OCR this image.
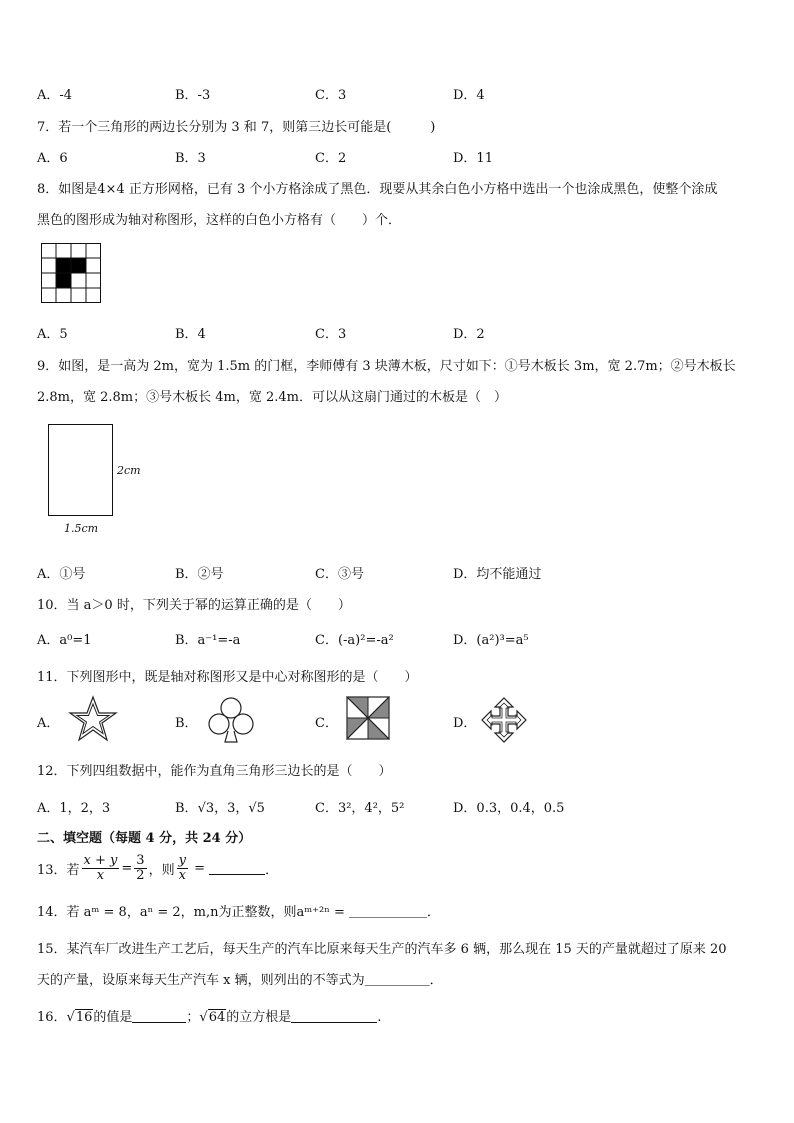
A．-4	B．-3	C．3	D．4
7．若一个三角形的两边长分别为 3 和 7，则第三边长可能是(　　　)
A．6	B．3	C．2	D．11
8．如图是4×4 正方形网格，已有 3 个小方格涂成了黑色．现要从其余白色小方格中选出一个也涂成黑色，使整个涂成
黑色的图形成为轴对称图形，这样的白色小方格有（　　）个．
A．5	B．4	C．3	D．2
9．如图，是一高为 2m，宽为 1.5m 的门框，李师傅有 3 块薄木板，尺寸如下：①号木板长 3m，宽 2.7m；②号木板长
2.8m，宽 2.8m；③号木板长 4m，宽 2.4m．可以从这扇门通过的木板是（　）
2cm
1.5cm
A．①号	B．②号	C．③号	D．均不能通过
10．当 a＞0 时，下列关于幂的运算正确的是（　　）
A．a⁰=1	B．a⁻¹=-a	C．(-a)²=-a²	D．(a²)³=a⁵
11．下列图形中，既是轴对称图形又是中心对称图形的是（　　）
A．	B．	C．	D．
12．下列四组数据中，能作为直角三角形三边长的是（　　）
A．1，2，3	B．√3，3，√5	C．3²，4²，5²	D．0.3，0.4，0.5
二、填空题（每题 4 分，共 24 分）
13．若 $\frac{x + y}{x} = \frac{3}{2}$ ，则 $\frac{y}{x}$ =	．
14．若 aᵐ = 8，aⁿ = 2，m,n为正整数，则aᵐ⁺²ⁿ = ＿＿＿＿＿＿．
15．某汽车厂改进生产工艺后，每天生产的汽车比原来每天生产的汽车多 6 辆，那么现在 15 天的产量就超过了原来 20
天的产量，设原来每天生产汽车 x 辆，则列出的不等式为＿＿＿＿＿．
16．√16的值是	；√64的立方根是	.
